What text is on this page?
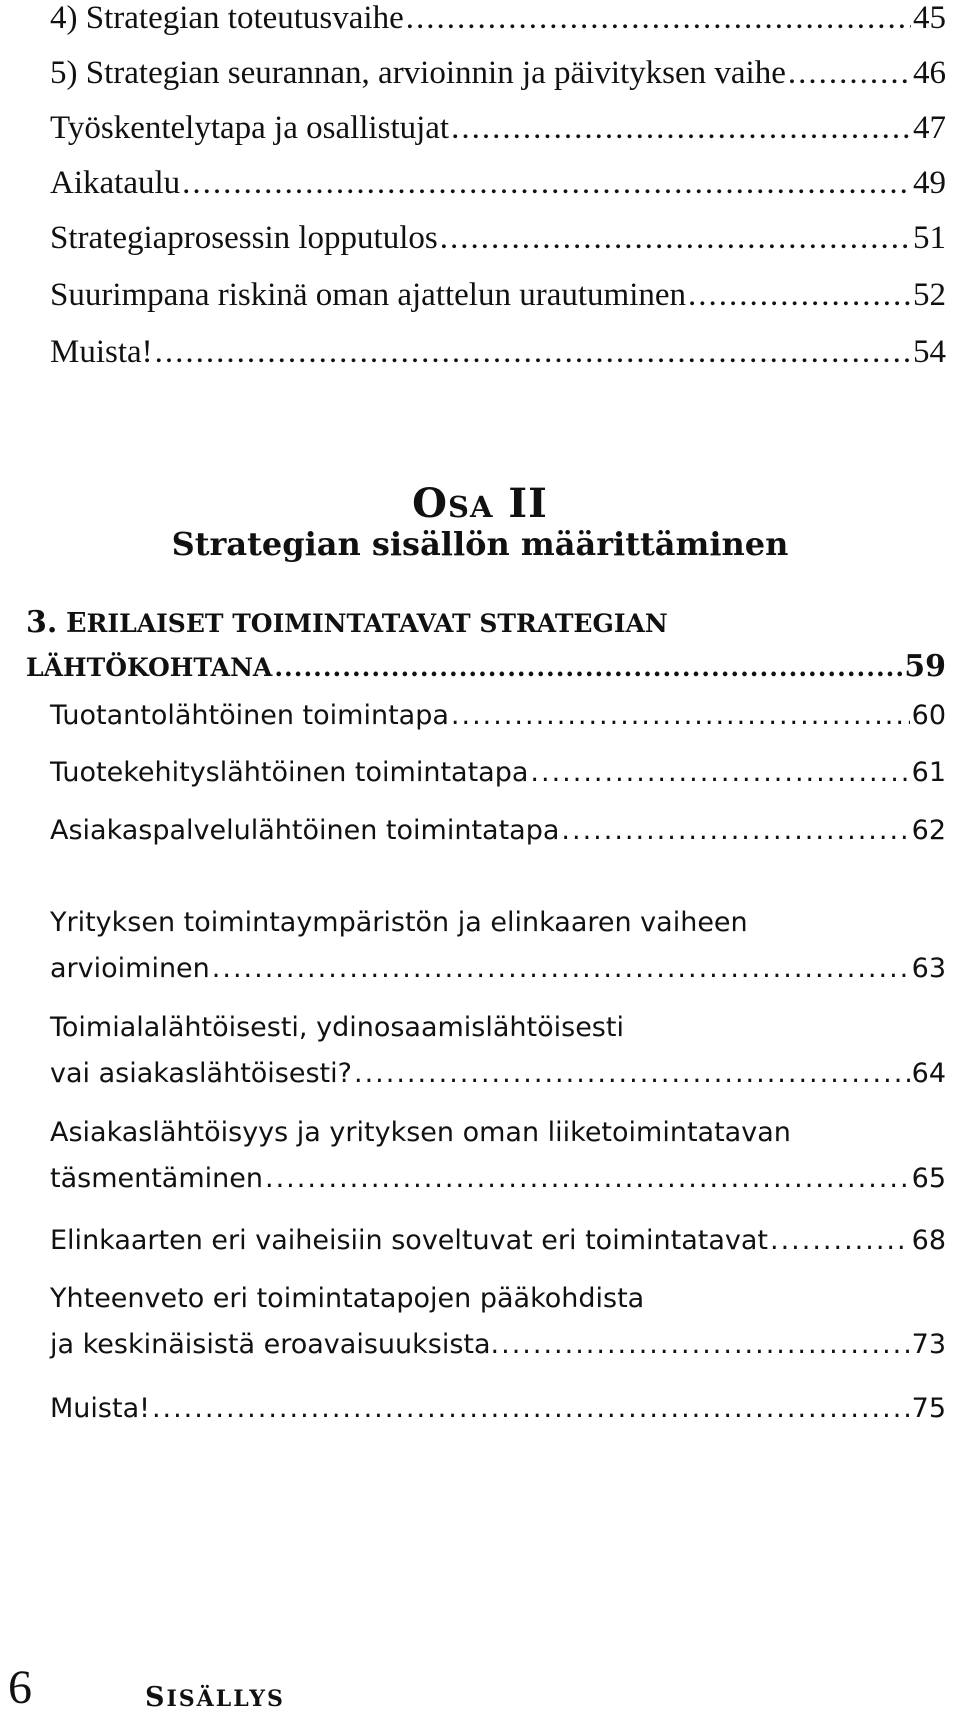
4) Strategian toteutusvaihe .....	45
5) Strategian seurannan, arvioinnin ja päivityksen vaihe .....	46
Työskentelytapa ja osallistujat .....	47
Aikataulu .....	49
Strategiaprosessin lopputulos .....	51
Suurimpana riskinä oman ajattelun urautuminen .....	52
Muista! .....	54
OSA II
Strategian sisällön määrittäminen
3. ERILAISET TOIMINTATAVAT STRATEGIAN
LÄHTÖKOHTANA .....	59
Tuotantolähtöinen toimintapa .....	60
Tuotekehityslähtöinen toimintatapa .....	61
Asiakaspalvelulähtöinen toimintatapa .....	62
Yrityksen toimintaympäristön ja elinkaaren vaiheen
arvioiminen .....	63
Toimialalähtöisesti, ydinosaamislähtöisesti
vai asiakaslähtöisesti? .....	64
Asiakaslähtöisyys ja yrityksen oman liiketoimintatavan
täsmentäminen .....	65
Elinkaarten eri vaiheisiin soveltuvat eri toimintatavat .....	68
Yhteenveto eri toimintatapojen pääkohdista
ja keskinäisistä eroavaisuuksista. .....	73
Muista! .....	75
6	SISÄLLYS
